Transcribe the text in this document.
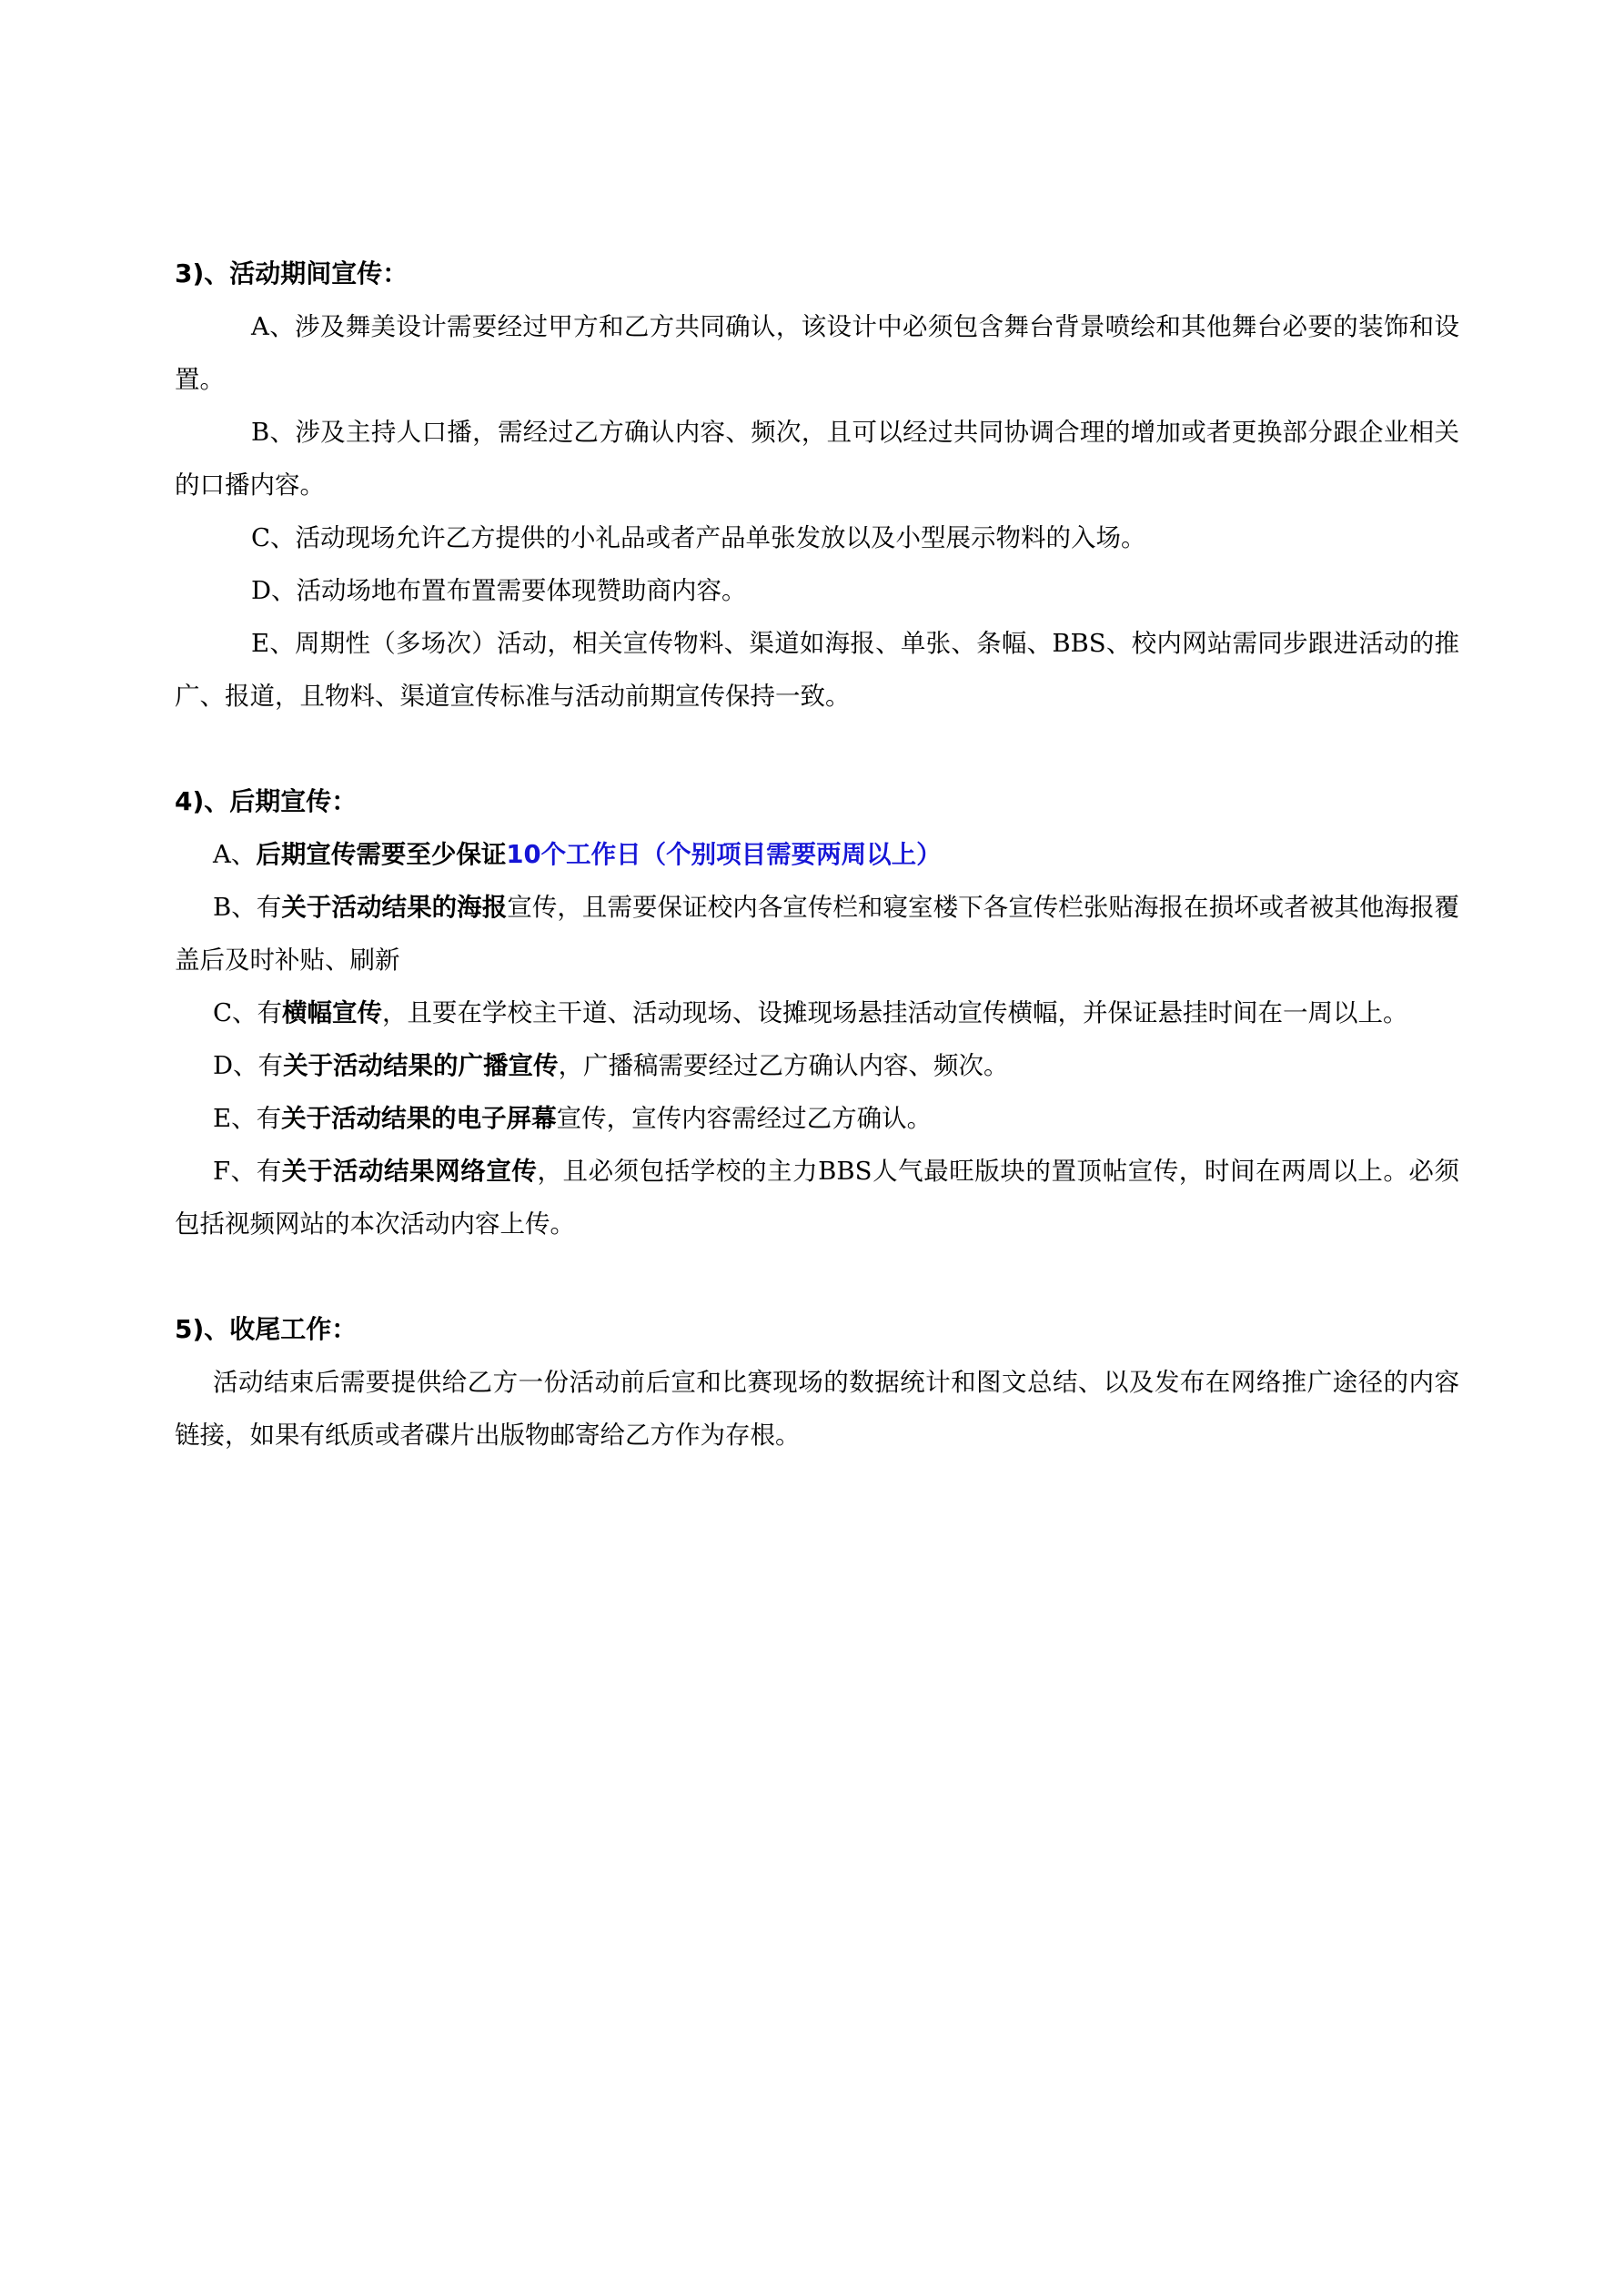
3)、活动期间宣传：

A、涉及舞美设计需要经过甲方和乙方共同确认，该设计中必须包含舞台背景喷绘和其他舞台必要的装饰和设置。

B、涉及主持人口播，需经过乙方确认内容、频次，且可以经过共同协调合理的增加或者更换部分跟企业相关的口播内容。

C、活动现场允许乙方提供的小礼品或者产品单张发放以及小型展示物料的入场。

D、活动场地布置布置需要体现赞助商内容。

E、周期性（多场次）活动，相关宣传物料、渠道如海报、单张、条幅、BBS、校内网站需同步跟进活动的推广、报道，且物料、渠道宣传标准与活动前期宣传保持一致。

4)、后期宣传：

A、后期宣传需要至少保证10个工作日（个别项目需要两周以上）

B、有关于活动结果的海报宣传，且需要保证校内各宣传栏和寝室楼下各宣传栏张贴海报在损坏或者被其他海报覆盖后及时补贴、刷新

C、有横幅宣传，且要在学校主干道、活动现场、设摊现场悬挂活动宣传横幅，并保证悬挂时间在一周以上。

D、有关于活动结果的广播宣传，广播稿需要经过乙方确认内容、频次。

E、有关于活动结果的电子屏幕宣传，宣传内容需经过乙方确认。

F、有关于活动结果网络宣传，且必须包括学校的主力BBS人气最旺版块的置顶帖宣传，时间在两周以上。必须包括视频网站的本次活动内容上传。

5)、收尾工作：

活动结束后需要提供给乙方一份活动前后宣和比赛现场的数据统计和图文总结、以及发布在网络推广途径的内容链接，如果有纸质或者碟片出版物邮寄给乙方作为存根。
